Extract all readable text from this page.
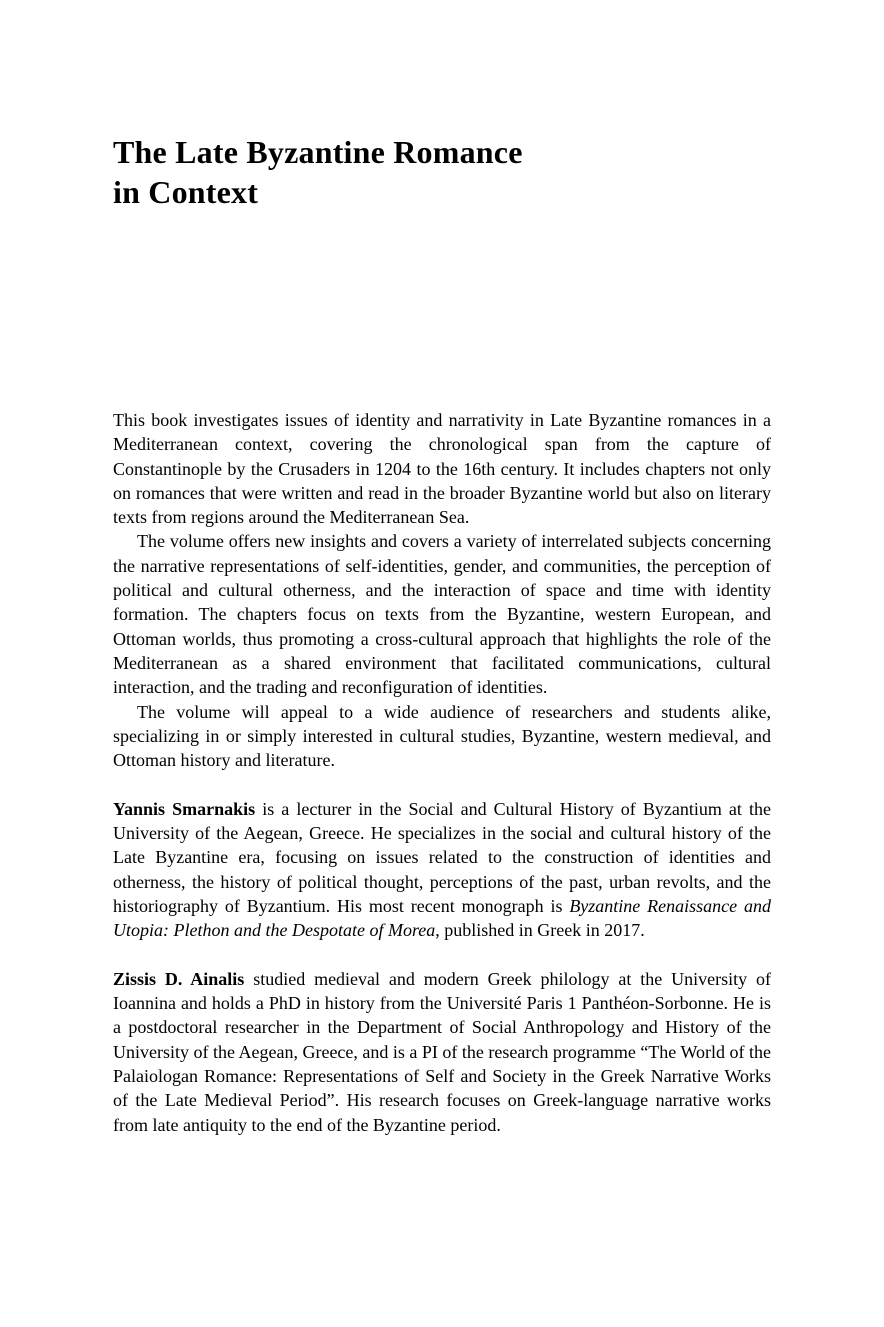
The Late Byzantine Romance
in Context

This book investigates issues of identity and narrativity in Late Byzantine romances in a Mediterranean context, covering the chronological span from the capture of Constantinople by the Crusaders in 1204 to the 16th century. It includes chapters not only on romances that were written and read in the broader Byzantine world but also on literary texts from regions around the Mediterranean Sea.

The volume offers new insights and covers a variety of interrelated subjects concerning the narrative representations of self-identities, gender, and communities, the perception of political and cultural otherness, and the interaction of space and time with identity formation. The chapters focus on texts from the Byzantine, western European, and Ottoman worlds, thus promoting a cross-cultural approach that highlights the role of the Mediterranean as a shared environment that facilitated communications, cultural interaction, and the trading and reconfiguration of identities.

The volume will appeal to a wide audience of researchers and students alike, specializing in or simply interested in cultural studies, Byzantine, western medieval, and Ottoman history and literature.

Yannis Smarnakis is a lecturer in the Social and Cultural History of Byzantium at the University of the Aegean, Greece. He specializes in the social and cultural history of the Late Byzantine era, focusing on issues related to the construction of identities and otherness, the history of political thought, perceptions of the past, urban revolts, and the historiography of Byzantium. His most recent monograph is Byzantine Renaissance and Utopia: Plethon and the Despotate of Morea, published in Greek in 2017.

Zissis D. Ainalis studied medieval and modern Greek philology at the University of Ioannina and holds a PhD in history from the Université Paris 1 Panthéon-Sorbonne. He is a postdoctoral researcher in the Department of Social Anthropology and History of the University of the Aegean, Greece, and is a PI of the research programme “The World of the Palaiologan Romance: Representations of Self and Society in the Greek Narrative Works of the Late Medieval Period”. His research focuses on Greek-language narrative works from late antiquity to the end of the Byzantine period.
